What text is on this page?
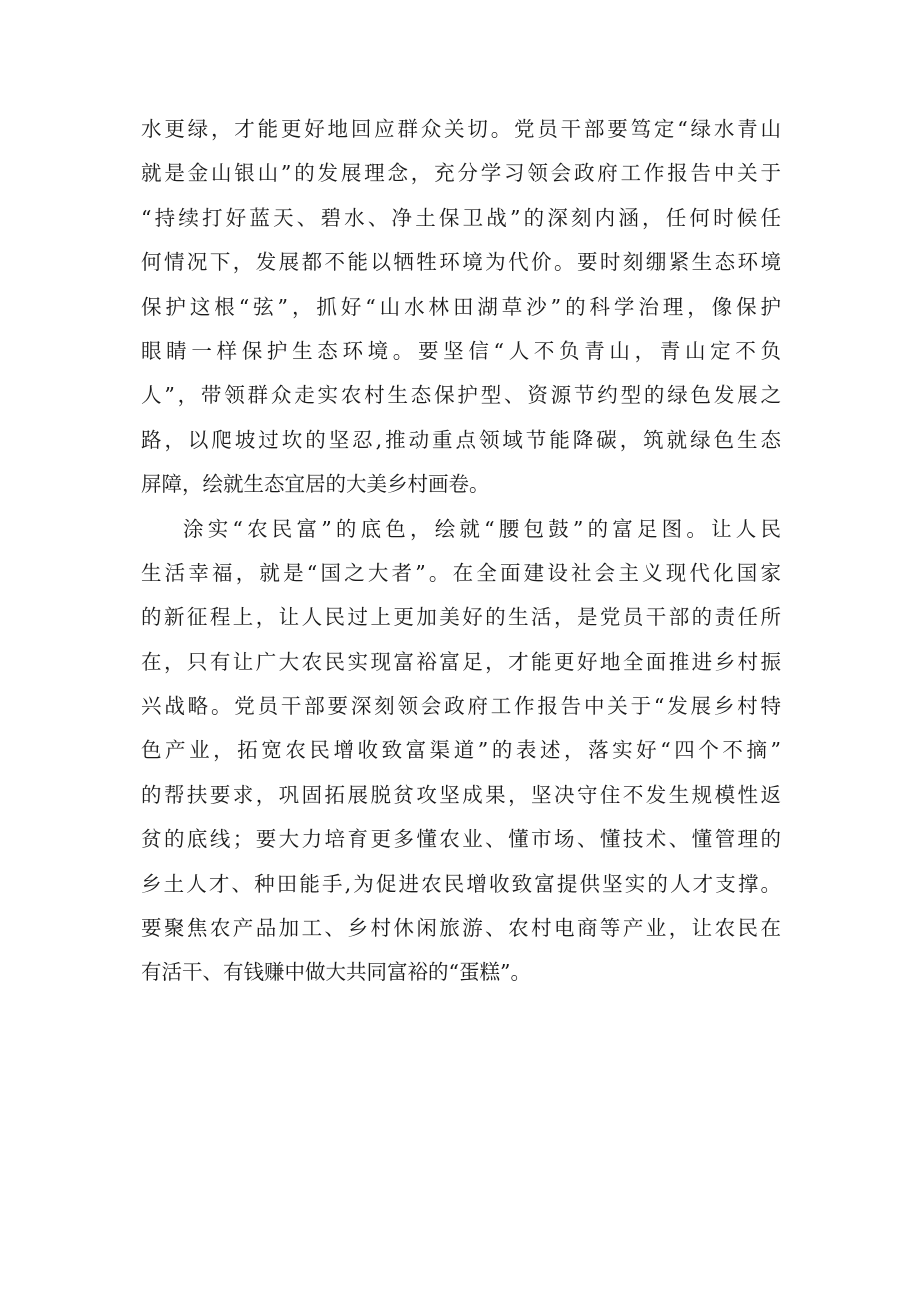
水更绿，才能更好地回应群众关切。党员干部要笃定“绿水青山
就是金山银山”的发展理念，充分学习领会政府工作报告中关于
“持续打好蓝天、碧水、净土保卫战”的深刻内涵，任何时候任
何情况下，发展都不能以牺牲环境为代价。要时刻绷紧生态环境
保护这根“弦”，抓好“山水林田湖草沙”的科学治理，像保护
眼睛一样保护生态环境。要坚信“人不负青山，青山定不负
人”，带领群众走实农村生态保护型、资源节约型的绿色发展之
路，以爬坡过坎的坚忍,推动重点领域节能降碳，筑就绿色生态
屏障，绘就生态宜居的大美乡村画卷。
涂实“农民富”的底色，绘就“腰包鼓”的富足图。让人民
生活幸福，就是“国之大者”。在全面建设社会主义现代化国家
的新征程上，让人民过上更加美好的生活，是党员干部的责任所
在，只有让广大农民实现富裕富足，才能更好地全面推进乡村振
兴战略。党员干部要深刻领会政府工作报告中关于“发展乡村特
色产业，拓宽农民增收致富渠道”的表述，落实好“四个不摘”
的帮扶要求，巩固拓展脱贫攻坚成果，坚决守住不发生规模性返
贫的底线；要大力培育更多懂农业、懂市场、懂技术、懂管理的
乡土人才、种田能手,为促进农民增收致富提供坚实的人才支撑。
要聚焦农产品加工、乡村休闲旅游、农村电商等产业，让农民在
有活干、有钱赚中做大共同富裕的“蛋糕”。
